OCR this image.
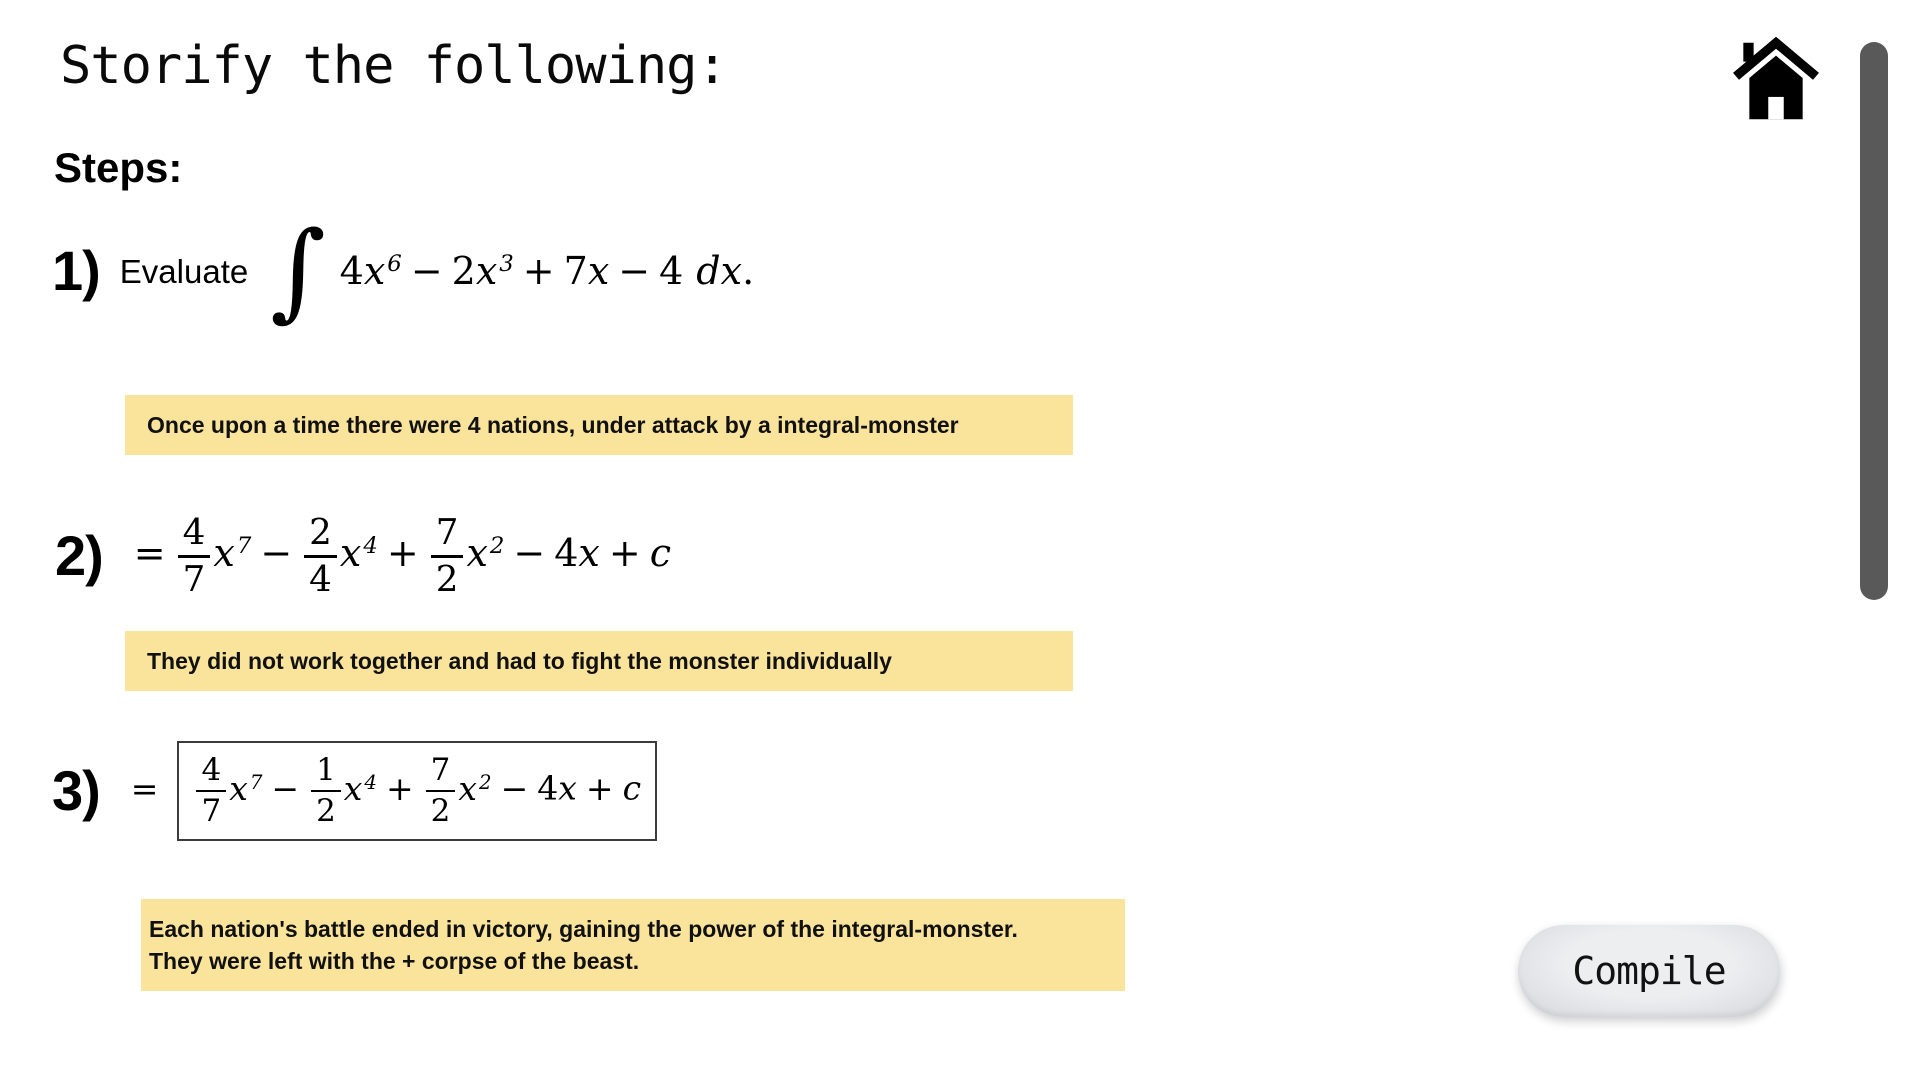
Storify the following:
Steps:
1) Evaluate ∫ $4x^6 - 2x^3 + 7x - 4$ dx.
Once upon a time there were 4 nations, under attack by a integral-monster
$2) = \frac{4}{7} x^7 - \frac{2}{4} x^4 + \frac{7}{2} x^2 - 4x + c$
They did not work together and had to fight the monster individually
$3) = \frac{4}{7}$ x $^7 - \frac{1}{2}$ x $^4 + \frac{7}{2}$ x $^2$ − 4x + c
Each nation's battle ended in victory, gaining the power of the integral-monster.
They were left with the + corpse of the beast.	Compile
